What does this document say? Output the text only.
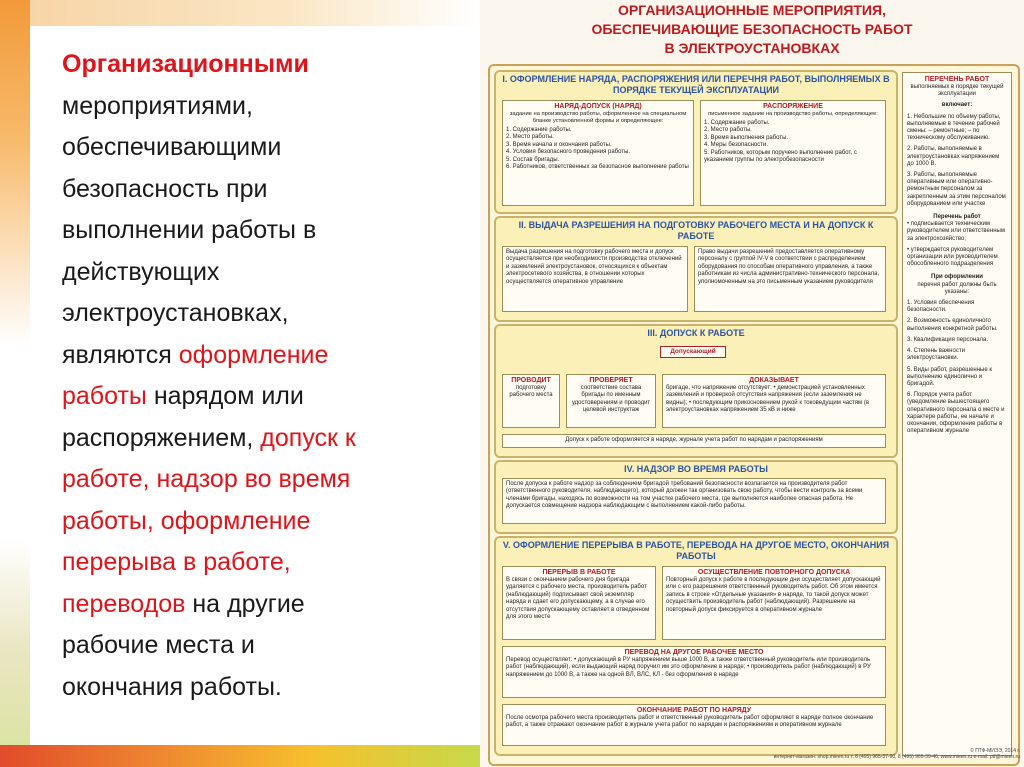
Организационными
мероприятиями,
обеспечивающими
безопасность при
выполнении работы в
действующих
электроустановках,
являются оформление
работы нарядом или
распоряжением, допуск к
работе, надзор во время
работы, оформление
перерыва в работе,
переводов на другие
рабочие места и
окончания работы.
ОРГАНИЗАЦИОННЫЕ МЕРОПРИЯТИЯ,
ОБЕСПЕЧИВАЮЩИЕ БЕЗОПАСНОСТЬ РАБОТ
В ЭЛЕКТРОУСТАНОВКАХ
I. ОФОРМЛЕНИЕ НАРЯДА, РАСПОРЯЖЕНИЯ ИЛИ ПЕРЕЧНЯ РАБОТ, ВЫПОЛНЯЕМЫХ В ПОРЯДКЕ ТЕКУЩЕЙ ЭКСПЛУАТАЦИИ
НАРЯД-ДОПУСК (НАРЯД)
задание на производство работы, оформленное на специальном бланке установленной формы и определяющее:
1. Содержание работы.
2. Место работы.
3. Время начала и окончания работы.
4. Условия безопасного проведения работы.
5. Состав бригады.
6. Работников, ответственных за безопасное выполнение работы
РАСПОРЯЖЕНИЕ
письменное задание на производство работы, определяющее:
1. Содержание работы.
2. Место работы.
3. Время выполнения работы.
4. Меры безопасности.
5. Работников, которым поручено выполнение работ, с указанием группы по электробезопасности
II. ВЫДАЧА РАЗРЕШЕНИЯ НА ПОДГОТОВКУ РАБОЧЕГО МЕСТА И НА ДОПУСК К РАБОТЕ
Выдача разрешения на подготовку рабочего места и допуск осуществляется при необходимости производства отключений и заземлений электроустановок, относящихся к объектам электросетевого хозяйства, в отношении которых осуществляется оперативное управление
Право выдачи разрешений предоставляется оперативному персоналу с группой IV-V в соответствии с распределением оборудования по способам оперативного управления, а также работникам из числа административно-технического персонала, уполномоченным на это письменным указанием руководителя
III. ДОПУСК К РАБОТЕ
Допускающий
ПРОВОДИТ
подготовку рабочего места
ПРОВЕРЯЕТ
соответствие состава бригады по именным удостоверениям и проводит целевой инструктаж
ДОКАЗЫВАЕТ
бригаде, что напряжение отсутствует: • демонстрацией установленных заземлений и проверкой отсутствия напряжения (если заземления не видны); • последующим прикосновением рукой к токоведущим частям (в электроустановках напряжением 35 кВ и ниже
Допуск к работе оформляется в наряде, журнале учета работ по нарядам и распоряжениям
IV. НАДЗОР ВО ВРЕМЯ РАБОТЫ
После допуска к работе надзор за соблюдением бригадой требований безопасности возлагается на производителя работ (ответственного руководителя, наблюдающего), который должен так организовать свою работу, чтобы вести контроль за всеми членами бригады, находясь по возможности на том участке рабочего места, где выполняется наиболее опасная работа. Не допускается совмещение надзора наблюдающим с выполнением какой-либо работы.
V. ОФОРМЛЕНИЕ ПЕРЕРЫВА В РАБОТЕ, ПЕРЕВОДА НА ДРУГОЕ МЕСТО, ОКОНЧАНИЯ РАБОТЫ
ПЕРЕРЫВ В РАБОТЕ
В связи с окончанием рабочего дня бригада удаляется с рабочего места, производитель работ (наблюдающий) подписывает свой экземпляр наряда и сдает его допускающему, а в случае его отсутствия допускающему оставляет в отведенном для этого месте
ОСУЩЕСТВЛЕНИЕ ПОВТОРНОГО ДОПУСКА
Повторный допуск к работе в последующие дни осуществляет допускающий или с его разрешения ответственный руководитель работ. Об этом имеется запись в строке «Отдельные указания» в наряде, то такой допуск может осуществить производитель работ (наблюдающий). Разрешение на повторный допуск фиксируется в оперативном журнале
ПЕРЕВОД НА ДРУГОЕ РАБОЧЕЕ МЕСТО
Перевод осуществляет: • допускающий в РУ напряжением выше 1000 В, а также ответственный руководитель или производитель работ (наблюдающий), если выдающий наряд поручил им это оформление в наряде; • производитель работ (наблюдающий) в РУ напряжением до 1000 В, а также на одной ВЛ, ВЛС, КЛ - без оформления в наряде
ОКОНЧАНИЕ РАБОТ ПО НАРЯДУ
После осмотра рабочего места производитель работ и ответственный руководитель работ оформляют в наряде полное окончание работ, а также отражают окончание работ в журнале учета работ по нарядам и распоряжениям и оперативном журнале
ПЕРЕЧЕНЬ РАБОТ

выполняемых в порядке текущей эксплуатации

включает:

1. Небольшие по объему работы, выполняемые в течение рабочей смены: – ремонтные; – по техническому обслуживанию.

2. Работы, выполняемые в электроустановках напряжением до 1000 В.

3. Работы, выполняемые оперативным или оперативно-ремонтным персоналом за закрепленным за этим персоналом оборудованием или участке

Перечень работ

• подписывается техническим руководителем или ответственным за электрохозяйство;

• утверждается руководителем организации или руководителем обособленного подразделения

При оформлении

перечня работ должны быть указаны:

1. Условия обеспечения безопасности.

2. Возможность единоличного выполнения конкретной работы.

3. Квалификация персонала.

4. Степень важности электроустановки.

5. Виды работ, разрешенные к выполнению единолично и бригадой.

6. Порядок учета работ (уведомление вышестоящего оперативного персонала о месте и характере работы, ее начале и окончании, оформление работы в оперативном журнале

© ПТФ-МИЭЭ, 2014 г.
интернет-магазин: shop.mieen.ru т. 8 (495) 965-37-90, 8 (495) 965-39-46, www.mieen.ru e-mail: ptf@mieen.ru
